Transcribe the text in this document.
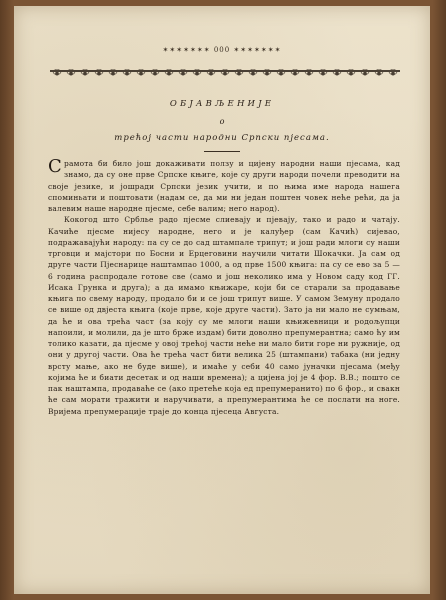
✶✶✶✶✶✶✶ 000 ✶✶✶✶✶✶✶
ОБЈАВЉЕНИЈЕ
о
трећој части народни Српски пјесама.

Срамота би било још докаживати ползу и цијену народни наши пјесама, кад знамо, да су оне прве Српске књиге, које су други народи почели преводити на своје језике, и јошради Српски језик учити, и по њима име народа нашега споминьати и поштовати (надам се, да ми ни један поштен човек неће рећи, да ја валевим наше народне пјесме, себе валим; него народ).

Кокогод што Срблье радо пјесме слиевају и пјевају, тако и радо и чатају. Качиће пјесме нијесу народне, него и је калуђер (сам Качић) сијевао, подражавајући народу: па су се до сад штампале трипут; и још ради млоги су наши трговци и мајстори по Босни и Ерцеговини научили читати Шокачки. Ја сам од друге части Пјеснарице наштампао 1000, а од прве 1500 књига: па су се ево за 5 — 6 година распродале готове све (само и још неколико има у Новом саду код ГГ. Исака Грунка и друга); а да имамо књижаре, који би се старали за продавање књига по свему народу, продало би и се још трипут више. У самом Земуну продало се више од двјеста књига (које прве, које друге части). Зато ја ни мало не сумњам, да ће и ова трећа част (за коју су ме млоги наши књижевници и родољупци напоили, и молили, да је што брже издам) бити доволно препумерантна; само ћу им толико казати, да пјесме у овој трећој части неће ни мало бити горе ни ружније, од они у другој части. Ова ће трећа част бити велика 25 (штампани) табака (ни једну врсту мање, ако не буде више), и имаће у себи 40 само јуначки пјесама (међу којима ће и биати десетак и од наши времена); а цијена јој је 4 фор. В.В.; пошто се пак наштампа, продаваће се (ако претеће која ед препумеранито) по 6 фор., и свакн ће сам морати тражити и наручивати, а препумерантима ће се послати на ноге. Вријема препумерације траје до конца пјесеца Августа.
